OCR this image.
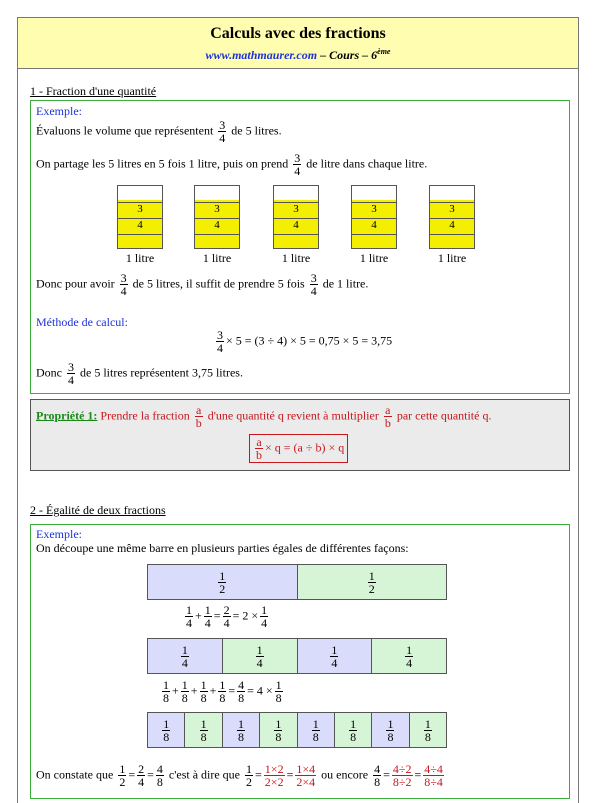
Calculs avec des fractions
www.mathmaurer.com – Cours – 6ème
1 - Fraction d'une quantité
Exemple:
Évaluons le volume que représentent $\frac{3}{4}$ de 5 litres.
On partage les 5 litres en 5 fois 1 litre, puis on prend $\frac{3}{4}$ de litre dans chaque litre.
3
4
1 litre
3
4
1 litre
3
4
1 litre
3
4
1 litre
3
4
1 litre
Donc pour avoir $\frac{3}{4}$ de 5 litres, il suffit de prendre 5 fois $\frac{3}{4}$ de 1 litre.
Méthode de calcul:
$\frac{3}{4} \times 5 = (3 \div 4) \times 5 = 0,75 \times 5 = 3,75$
Donc $\frac{3}{4}$ de 5 litres représentent 3,75 litres.
Propriété 1: Prendre la fraction $\frac{a}{b} d'une$ quantité q revient à multiplier $\frac{a}{b}$ par cette quantité q.
$\frac{a}{b} \times q = (a \div b) \times q$
2 - Égalité de deux fractions
Exemple:
On découpe une même barre en plusieurs parties égales de différentes façons:
$\frac{1}{2}$	$\frac{1}{2}$
$\frac{1}{4} + \frac{1}{4} = \frac{2}{4} = 2 \times \frac{1}{4}$
$\frac{1}{4}$	$\frac{1}{4}$	$\frac{1}{4}$	$\frac{1}{4}$
$\frac{1}{8} + \frac{1}{8} + \frac{1}{8} + \frac{1}{8} = \frac{4}{8} = 4 \times \frac{1}{8}$
$\frac{1}{8} \frac{1}{8} \frac{1}{8} \frac{1}{8} \frac{1}{8} \frac{1}{8} \frac{1}{8} \frac{1}{8}$
On constate que $\frac{1}{2} = \frac{2}{4} = \frac{4}{8} c'est$ à dire que $\frac{1}{2} = \frac{1\times 2}{2\times 2} = \frac{1\times 4}{2\times 4}$ ou encore $\frac{4}{8} = \frac{4\div 2}{8\div 2} = \frac{4\div 4}{8\div 4}$
